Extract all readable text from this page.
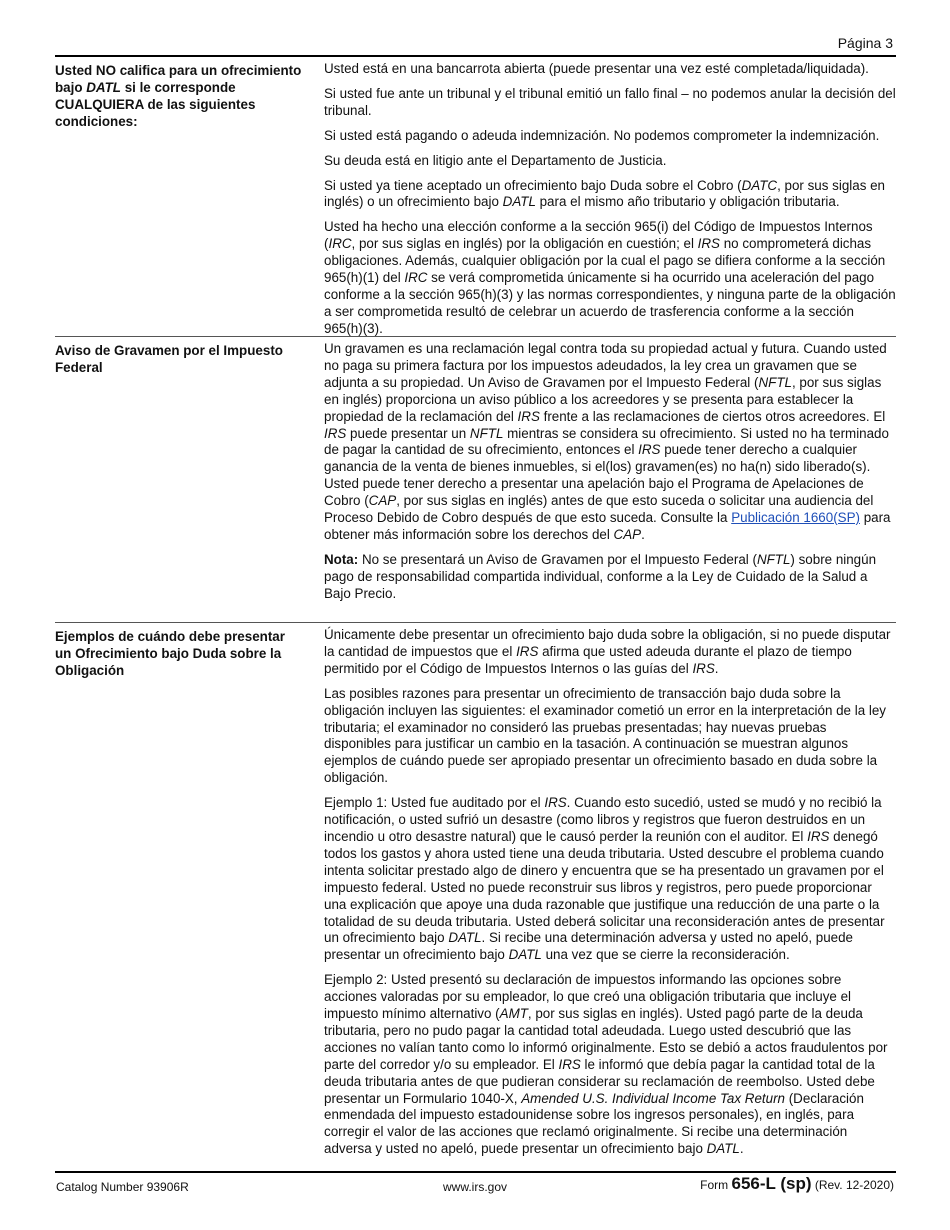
Página 3
Usted NO califica para un ofrecimiento bajo DATL si le corresponde CUALQUIERA de las siguientes condiciones:

Usted está en una bancarrota abierta (puede presentar una vez esté completada/liquidada).

Si usted fue ante un tribunal y el tribunal emitió un fallo final – no podemos anular la decisión del tribunal.

Si usted está pagando o adeuda indemnización. No podemos comprometer la indemnización.

Su deuda está en litigio ante el Departamento de Justicia.

Si usted ya tiene aceptado un ofrecimiento bajo Duda sobre el Cobro (DATC, por sus siglas en inglés) o un ofrecimiento bajo DATL para el mismo año tributario y obligación tributaria.

Usted ha hecho una elección conforme a la sección 965(i) del Código de Impuestos Internos (IRC, por sus siglas en inglés) por la obligación en cuestión; el IRS no comprometerá dichas obligaciones. Además, cualquier obligación por la cual el pago se difiera conforme a la sección 965(h)(1) del IRC se verá comprometida únicamente si ha ocurrido una aceleración del pago conforme a la sección 965(h)(3) y las normas correspondientes, y ninguna parte de la obligación a ser comprometida resultó de celebrar un acuerdo de trasferencia conforme a la sección 965(h)(3).

Aviso de Gravamen por el Impuesto Federal

Un gravamen es una reclamación legal contra toda su propiedad actual y futura. Cuando usted no paga su primera factura por los impuestos adeudados, la ley crea un gravamen que se adjunta a su propiedad. Un Aviso de Gravamen por el Impuesto Federal (NFTL, por sus siglas en inglés) proporciona un aviso público a los acreedores y se presenta para establecer la propiedad de la reclamación del IRS frente a las reclamaciones de ciertos otros acreedores. El IRS puede presentar un NFTL mientras se considera su ofrecimiento. Si usted no ha terminado de pagar la cantidad de su ofrecimiento, entonces el IRS puede tener derecho a cualquier ganancia de la venta de bienes inmuebles, si el(los) gravamen(es) no ha(n) sido liberado(s). Usted puede tener derecho a presentar una apelación bajo el Programa de Apelaciones de Cobro (CAP, por sus siglas en inglés) antes de que esto suceda o solicitar una audiencia del Proceso Debido de Cobro después de que esto suceda. Consulte la Publicación 1660(SP) para obtener más información sobre los derechos del CAP.

Nota: No se presentará un Aviso de Gravamen por el Impuesto Federal (NFTL) sobre ningún pago de responsabilidad compartida individual, conforme a la Ley de Cuidado de la Salud a Bajo Precio.

Ejemplos de cuándo debe presentar un Ofrecimiento bajo Duda sobre la Obligación

Únicamente debe presentar un ofrecimiento bajo duda sobre la obligación, si no puede disputar la cantidad de impuestos que el IRS afirma que usted adeuda durante el plazo de tiempo permitido por el Código de Impuestos Internos o las guías del IRS.

Las posibles razones para presentar un ofrecimiento de transacción bajo duda sobre la obligación incluyen las siguientes: el examinador cometió un error en la interpretación de la ley tributaria; el examinador no consideró las pruebas presentadas; hay nuevas pruebas disponibles para justificar un cambio en la tasación. A continuación se muestran algunos ejemplos de cuándo puede ser apropiado presentar un ofrecimiento basado en duda sobre la obligación.

Ejemplo 1: Usted fue auditado por el IRS. Cuando esto sucedió, usted se mudó y no recibió la notificación, o usted sufrió un desastre (como libros y registros que fueron destruidos en un incendio u otro desastre natural) que le causó perder la reunión con el auditor. El IRS denegó todos los gastos y ahora usted tiene una deuda tributaria. Usted descubre el problema cuando intenta solicitar prestado algo de dinero y encuentra que se ha presentado un gravamen por el impuesto federal. Usted no puede reconstruir sus libros y registros, pero puede proporcionar una explicación que apoye una duda razonable que justifique una reducción de una parte o la totalidad de su deuda tributaria. Usted deberá solicitar una reconsideración antes de presentar un ofrecimiento bajo DATL. Si recibe una determinación adversa y usted no apeló, puede presentar un ofrecimiento bajo DATL una vez que se cierre la reconsideración.

Ejemplo 2: Usted presentó su declaración de impuestos informando las opciones sobre acciones valoradas por su empleador, lo que creó una obligación tributaria que incluye el impuesto mínimo alternativo (AMT, por sus siglas en inglés). Usted pagó parte de la deuda tributaria, pero no pudo pagar la cantidad total adeudada. Luego usted descubrió que las acciones no valían tanto como lo informó originalmente. Esto se debió a actos fraudulentos por parte del corredor y/o su empleador. El IRS le informó que debía pagar la cantidad total de la deuda tributaria antes de que pudieran considerar su reclamación de reembolso. Usted debe presentar un Formulario 1040-X, Amended U.S. Individual Income Tax Return (Declaración enmendada del impuesto estadounidense sobre los ingresos personales), en inglés, para corregir el valor de las acciones que reclamó originalmente. Si recibe una determinación adversa y usted no apeló, puede presentar un ofrecimiento bajo DATL.

Catalog Number 93906R	www.irs.gov	Form 656-L (sp) (Rev. 12-2020)
